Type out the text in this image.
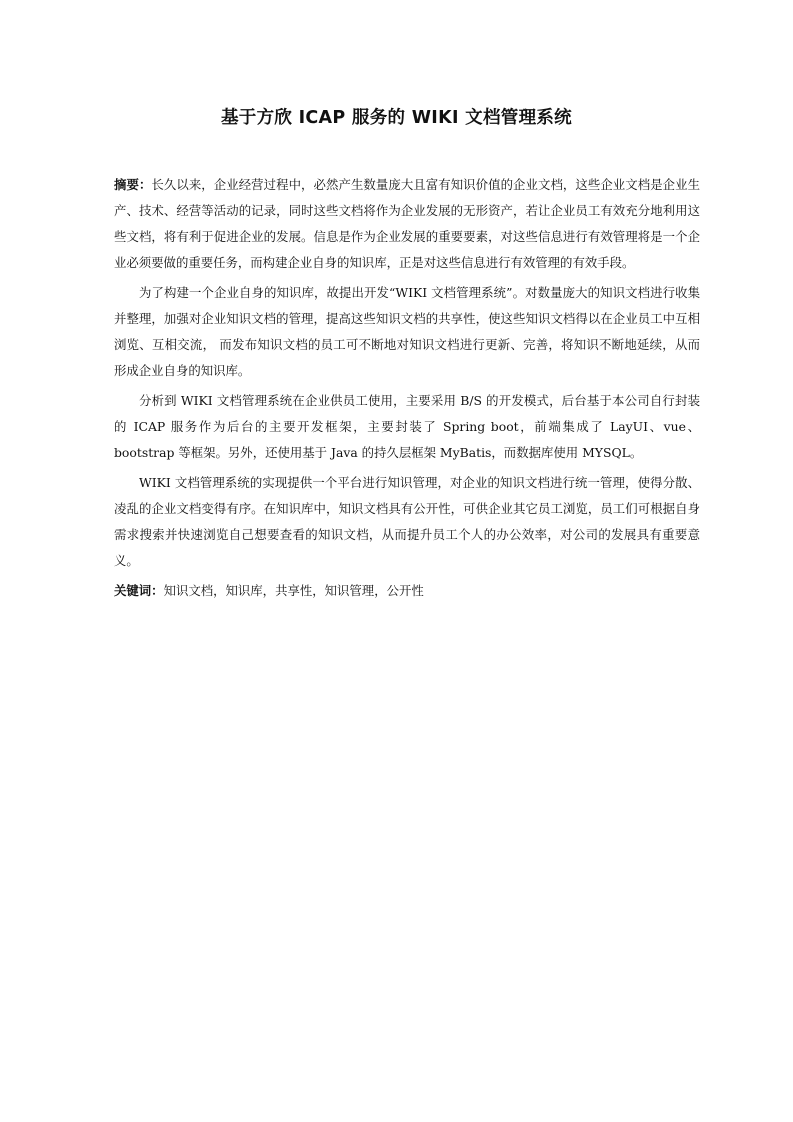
基于方欣 ICAP 服务的 WIKI 文档管理系统

摘要：长久以来，企业经营过程中，必然产生数量庞大且富有知识价值的企业文档，这些企业文档是企业生产、技术、经营等活动的记录，同时这些文档将作为企业发展的无形资产，若让企业员工有效充分地利用这些文档，将有利于促进企业的发展。信息是作为企业发展的重要要素，对这些信息进行有效管理将是一个企业必须要做的重要任务，而构建企业自身的知识库，正是对这些信息进行有效管理的有效手段。

为了构建一个企业自身的知识库，故提出开发“WIKI 文档管理系统”。对数量庞大的知识文档进行收集并整理，加强对企业知识文档的管理，提高这些知识文档的共享性，使这些知识文档得以在企业员工中互相浏览、互相交流， 而发布知识文档的员工可不断地对知识文档进行更新、完善，将知识不断地延续，从而形成企业自身的知识库。

分析到 WIKI 文档管理系统在企业供员工使用，主要采用 B/S 的开发模式，后台基于本公司自行封装的 ICAP 服务作为后台的主要开发框架，主要封装了 Spring boot，前端集成了 LayUI、vue、bootstrap 等框架。另外，还使用基于 Java 的持久层框架 MyBatis，而数据库使用 MYSQL。

WIKI 文档管理系统的实现提供一个平台进行知识管理，对企业的知识文档进行统一管理，使得分散、凌乱的企业文档变得有序。在知识库中，知识文档具有公开性，可供企业其它员工浏览，员工们可根据自身需求搜索并快速浏览自己想要查看的知识文档，从而提升员工个人的办公效率，对公司的发展具有重要意义。

关键词：知识文档，知识库，共享性，知识管理，公开性
